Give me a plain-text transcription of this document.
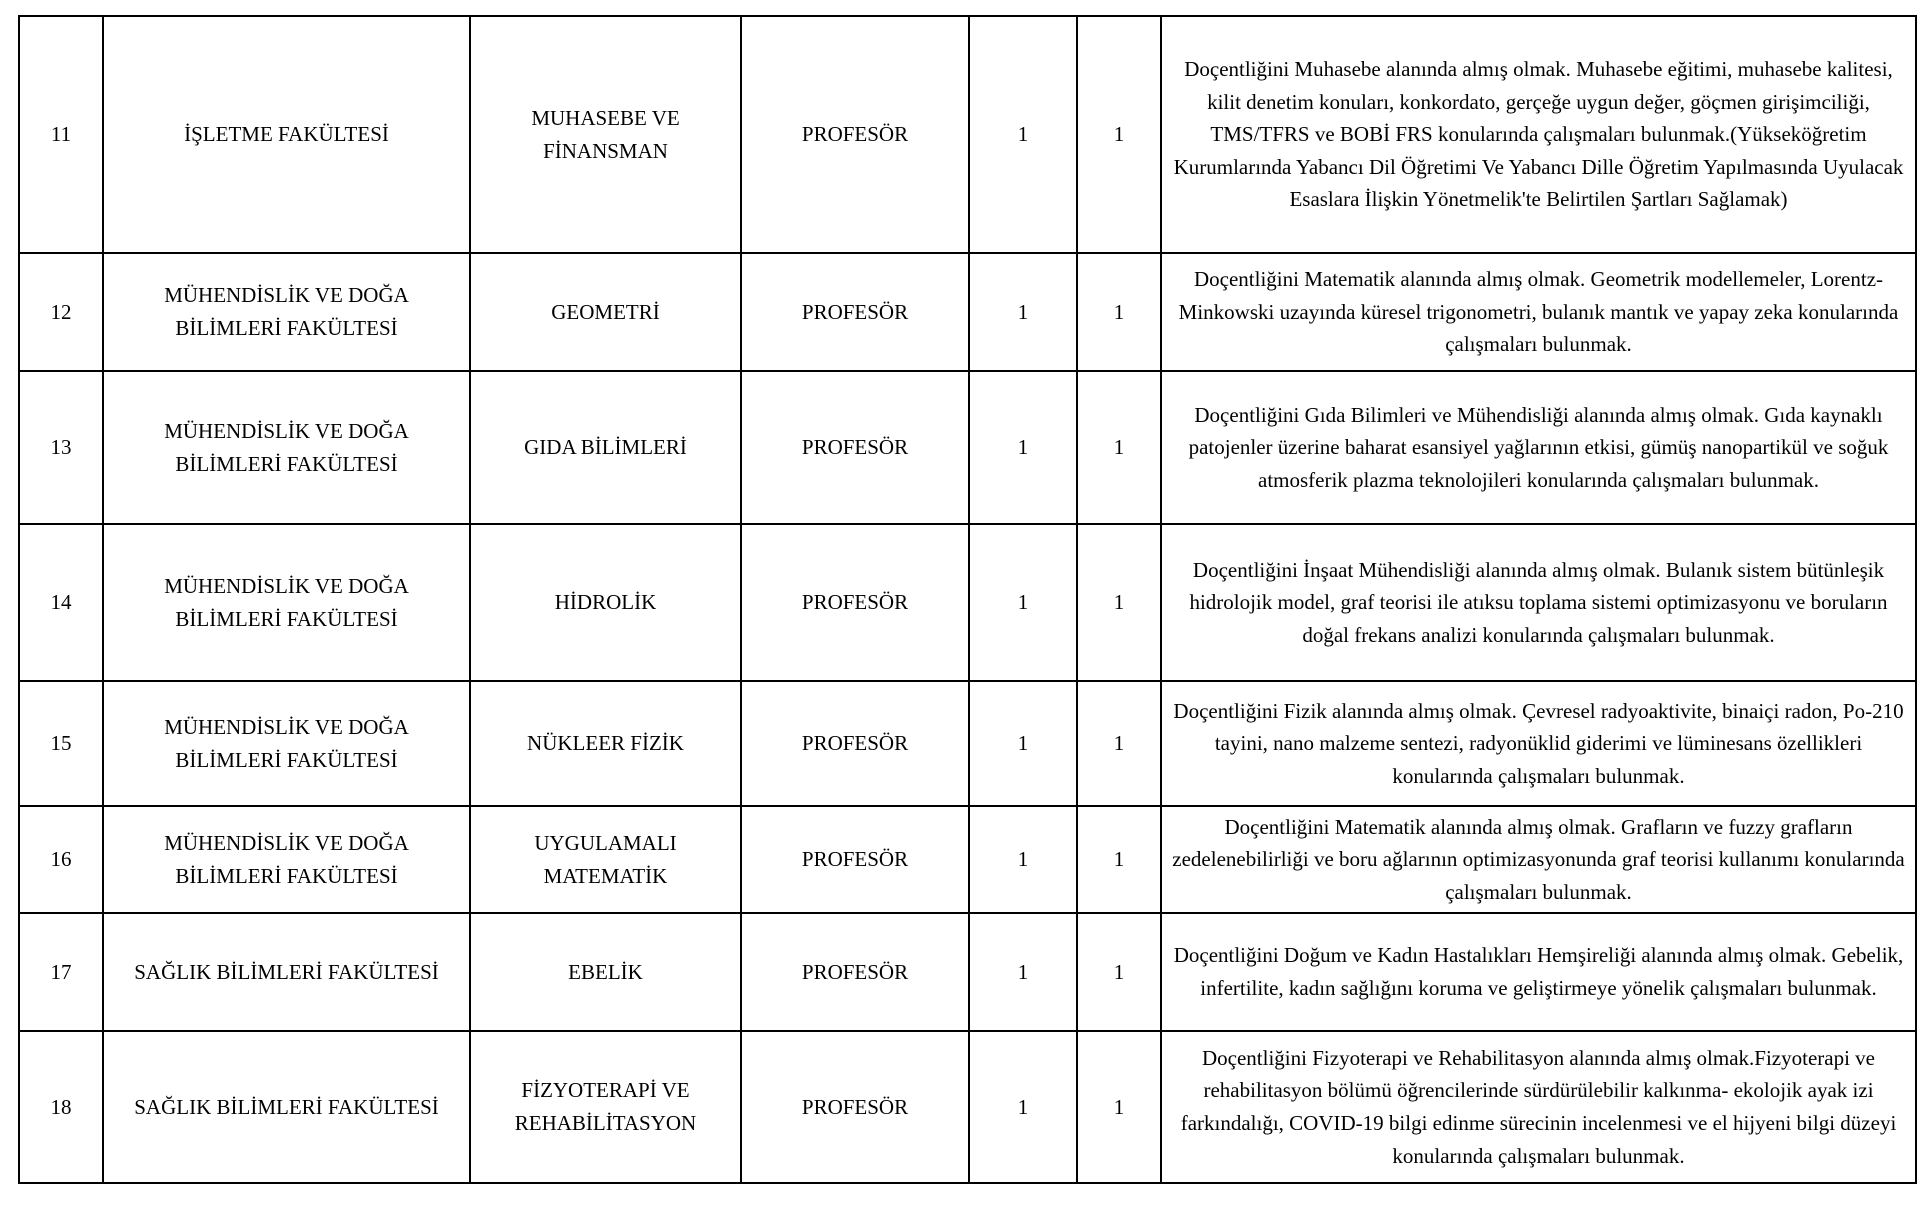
11	İŞLETME FAKÜLTESİ	MUHASEBE VE FİNANSMAN	PROFESÖR	1	1	Doçentliğini Muhasebe alanında almış olmak. Muhasebe eğitimi, muhasebe kalitesi, kilit denetim konuları, konkordato, gerçeğe uygun değer, göçmen girişimciliği, TMS/TFRS ve BOBİ FRS konularında çalışmaları bulunmak.(Yükseköğretim Kurumlarında Yabancı Dil Öğretimi Ve Yabancı Dille Öğretim Yapılmasında Uyulacak Esaslara İlişkin Yönetmelik'te Belirtilen Şartları Sağlamak)
12	MÜHENDİSLİK VE DOĞA BİLİMLERİ FAKÜLTESİ	GEOMETRİ	PROFESÖR	1	1	Doçentliğini Matematik alanında almış olmak. Geometrik modellemeler, Lorentz-Minkowski uzayında küresel trigonometri, bulanık mantık ve yapay zeka konularında çalışmaları bulunmak.
13	MÜHENDİSLİK VE DOĞA BİLİMLERİ FAKÜLTESİ	GIDA BİLİMLERİ	PROFESÖR	1	1	Doçentliğini Gıda Bilimleri ve Mühendisliği alanında almış olmak. Gıda kaynaklı patojenler üzerine baharat esansiyel yağlarının etkisi, gümüş nanopartikül ve soğuk atmosferik plazma teknolojileri konularında çalışmaları bulunmak.
14	MÜHENDİSLİK VE DOĞA BİLİMLERİ FAKÜLTESİ	HİDROLİK	PROFESÖR	1	1	Doçentliğini İnşaat Mühendisliği alanında almış olmak. Bulanık sistem bütünleşik hidrolojik model, graf teorisi ile atıksu toplama sistemi optimizasyonu ve boruların doğal frekans analizi konularında çalışmaları bulunmak.
15	MÜHENDİSLİK VE DOĞA BİLİMLERİ FAKÜLTESİ	NÜKLEER FİZİK	PROFESÖR	1	1	Doçentliğini Fizik alanında almış olmak. Çevresel radyoaktivite, binaiçi radon, Po-210 tayini, nano malzeme sentezi, radyonüklid giderimi ve lüminesans özellikleri konularında çalışmaları bulunmak.
16	MÜHENDİSLİK VE DOĞA BİLİMLERİ FAKÜLTESİ	UYGULAMALI MATEMATİK	PROFESÖR	1	1	Doçentliğini Matematik alanında almış olmak. Grafların ve fuzzy grafların zedelenebilirliği ve boru ağlarının optimizasyonunda graf teorisi kullanımı konularında çalışmaları bulunmak.
17	SAĞLIK BİLİMLERİ FAKÜLTESİ	EBELİK	PROFESÖR	1	1	Doçentliğini Doğum ve Kadın Hastalıkları Hemşireliği alanında almış olmak. Gebelik, infertilite, kadın sağlığını koruma ve geliştirmeye yönelik çalışmaları bulunmak.
18	SAĞLIK BİLİMLERİ FAKÜLTESİ	FİZYOTERAPİ VE REHABİLİTASYON	PROFESÖR	1	1	Doçentliğini Fizyoterapi ve Rehabilitasyon alanında almış olmak.Fizyoterapi ve rehabilitasyon bölümü öğrencilerinde sürdürülebilir kalkınma- ekolojik ayak izi farkındalığı, COVID-19 bilgi edinme sürecinin incelenmesi ve el hijyeni bilgi düzeyi konularında çalışmaları bulunmak.
